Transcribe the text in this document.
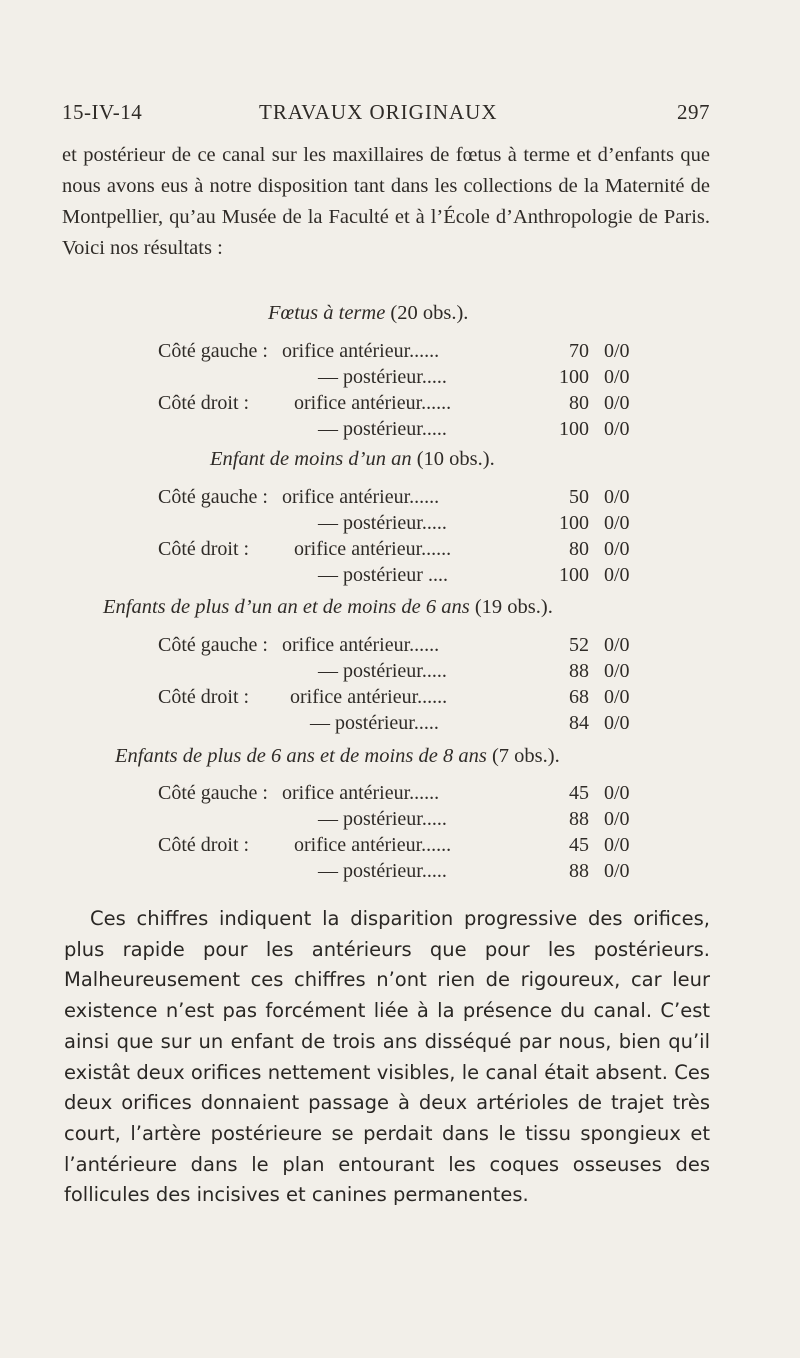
15-IV-14	TRAVAUX ORIGINAUX	297
et postérieur de ce canal sur les maxillaires de fœtus à terme et d’enfants que nous avons eus à notre disposition tant dans les collections de la Maternité de Montpellier, qu’au Musée de la Faculté et à l’École d’Anthropologie de Paris. Voici nos résultats :
Fœtus à terme (20 obs.).
Côté gauche : orifice antérieur......	70 0/0
— postérieur.....	100 0/0
Côté droit : orifice antérieur......	80 0/0
— postérieur.....	100 0/0
Enfant de moins d’un an (10 obs.).
Côté gauche : orifice antérieur......	50 0/0
— postérieur.....	100 0/0
Côté droit : orifice antérieur......	80 0/0
— postérieur ....	100 0/0
Enfants de plus d’un an et de moins de 6 ans (19 obs.).
Côté gauche : orifice antérieur......	52 0/0
— postérieur.....	88 0/0
Côté droit : orifice antérieur......	68 0/0
— postérieur.....	84 0/0
Enfants de plus de 6 ans et de moins de 8 ans (7 obs.).
Côté gauche : orifice antérieur......	45 0/0
— postérieur.....	88 0/0
Côté droit : orifice antérieur......	45 0/0
— postérieur.....	88 0/0
Ces chiffres indiquent la disparition progressive des orifices, plus rapide pour les antérieurs que pour les postérieurs. Malheureusement ces chiffres n’ont rien de rigoureux, car leur existence n’est pas forcément liée à la présence du canal. C’est ainsi que sur un enfant de trois ans disséqué par nous, bien qu’il existât deux orifices nettement visibles, le canal était absent. Ces deux orifices donnaient passage à deux artérioles de trajet très court, l’artère postérieure se perdait dans le tissu spongieux et l’antérieure dans le plan entourant les coques osseuses des follicules des incisives et canines permanentes.
